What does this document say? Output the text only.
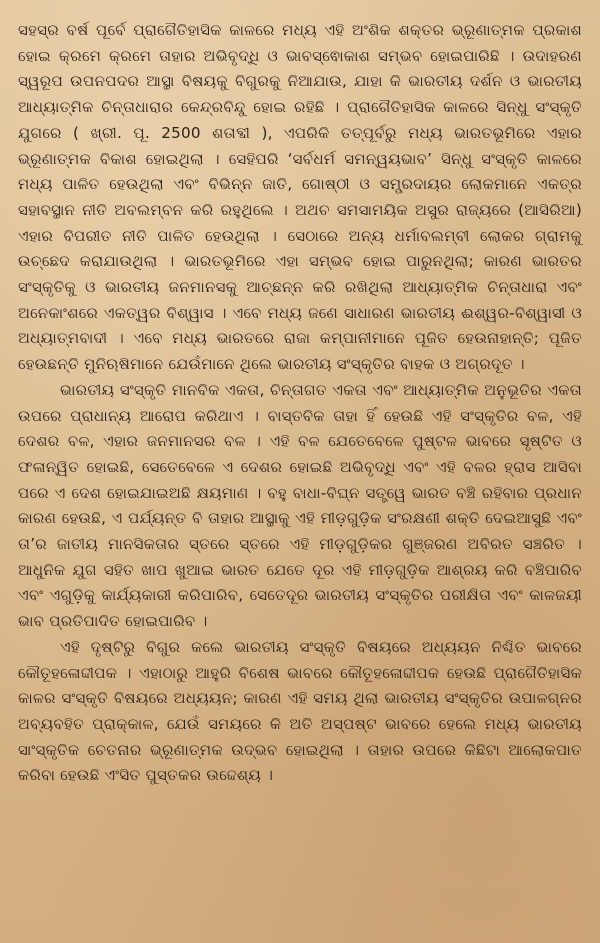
ସହସ୍ର ବର୍ଷ ପୂର୍ବେ ପ୍ରାଗୈତିହାସିକ କାଳରେ ମଧ୍ୟ ଏହି ଅଂଶିକ ଶକ୍ତର ଭ୍ରୂଣାତ୍ମକ ପ୍ରକାଶ ହୋଇ କ୍ରମେ କ୍ରମେ ତାହାର ଅଭିବୃଦ୍ଧି ଓ ଭାବସ୍ଵୋକାଶ ସମ୍ଭବ ହୋଇପାରିଛି । ଉଦାହରଣ ସ୍ୱରୂପ ଉପନପଦର ଆସ୍ଥା ବିଷୟକୁ ବିଗୁରକୁ ନିଆଯାଉ, ଯାହା କି ଭାରତୀୟ ଦର୍ଶନ ଓ ଭାରତୀୟ ଆଧ୍ୟାତ୍ମିକ ଚିନ୍ତାଧାରାର କେନ୍ଦ୍ରବିନ୍ଦୁ ହୋଇ ରହିଛି । ପ୍ରାଗୈତିହାସିକ କାଳରେ ସିନ୍ଧୁ ସଂସ୍କୃତି ଯୁଗରେ ( ଖ୍ରୀ. ପୂ. 2500 ଶତାବ୍ଦୀ ), ଏପରିକି ତତ୍ପୂର୍ବରୁ ମଧ୍ୟ ଭାରତଭୂମିରେ ଏହାର ଭ୍ରୂଣାତ୍ମକ ବିକାଶ ହୋଇଥିଲା । ସେହିପରି ‘ସର୍ବଧର୍ମ ସମନ୍ୱୟଭାବ’ ସିନ୍ଧୁ ସଂସ୍କୃତି କାଳରେ ମଧ୍ୟ ପାଳିତ ହେଉଥିଲା ଏବଂ ବିଭିନ୍ନ ଜାତି, ଗୋଷ୍ଠୀ ଓ ସମ୍ପ୍ରଦାୟର ଲୋକମାନେ ଏକତ୍ର ସହାବସ୍ଥାନ ନୀତି ଅବଲମ୍ବନ କରି ରହୁଥିଲେ । ଅଥଚ ସମସାମୟିକ ଅସୁର ରାଜ୍ୟରେ (ଆସିରିଆ) ଏହାର ବିପରୀତ ନୀତି ପାଳିତ ହେଉଥିଲା । ସେଠାରେ ଅନ୍ୟ ଧର୍ମାବଲମ୍ବୀ ଲୋକର ଗ୍ରାମକୁ ଉଚ୍ଛେଦ କରାଯାଉଥିଲା । ଭାରତଭୂମିରେ ଏହା ସମ୍ଭବ ହୋଇ ପାରୁନଥିଲା; କାରଣ ଭାରତର ସଂସ୍କୃତିକୁ ଓ ଭାରତୀୟ ଜନମାନସକୁ ଆଚ୍ଛନ୍ନ କରି ରଖିଥିଲା ଆଧ୍ୟାତ୍ମିକ ଚିନ୍ତାଧାରା ଏବଂ ଅନେକାଂଶରେ ଏକତ୍ୱର ବିଶ୍ୱାସ । ଏବେ ମଧ୍ୟ ଜଣେ ସାଧାରଣ ଭାରତୀୟ ଈଶ୍ୱର-ବିଶ୍ୱାସୀ ଓ ଅଧ୍ୟାତ୍ମବାଦୀ । ଏବେ ମଧ୍ୟ ଭାରତରେ ରାଜା କମ୍ପାନୀମାନେ ପୂଜିତ ହେଉନାହାନ୍ତି; ପୂଜିତ ହେଉଛନ୍ତି ମୁନିଋଷିମାନେ ଯେଉଁମାନେ ଥିଲେ ଭାରତୀୟ ସଂସ୍କୃତିର ବାହକ ଓ ଅଗ୍ରଦୂତ ।

ଭାରତୀୟ ସଂସ୍କୃତି ମାନବିକ ଏକତା, ଚିନ୍ତାଗତ ଏକତା ଏବଂ ଆଧ୍ୟାତ୍ମିକ ଅନୁଭୂତିର ଏକତା ଉପରେ ପ୍ରାଧାନ୍ୟ ଆରୋପ କରିଥାଏ । ବାସ୍ତବିକ ତାହା ହିଁ ହେଉଛି ଏହି ସଂସ୍କୃତିର ବଳ, ଏହି ଦେଶର ବଳ, ଏହାର ଜନମାନସର ବଳ । ଏହି ବଳ ଯେତେବେଳେ ପୁଷ୍ଟଳ ଭାବରେ ସୃଷ୍ଟିତ ଓ ଫଳାନ୍ୱିତ ହୋଇଛି, ସେତେବେଳେ ଏ ଦେଶର ହୋଇଛି ଅଭିବୃଦ୍ଧି ଏବଂ ଏହି ବଳର ହ୍ରାସ ଆସିବା ପରେ ଏ ଦେଶ ହୋଇଯାଇଅଛି କ୍ଷୟମାଣ । ବହୁ ବାଧା-ବିଘ୍ନ ସତ୍ତ୍ୱେ ଭାରତ ବଞ୍ଚି ରହିବାର ପ୍ରଧାନ କାରଣ ହେଉଛି, ଏ ପର୍ଯ୍ୟନ୍ତ ବି ତାହାର ଆସ୍ଥାକୁ ଏହି ମୀଡ଼ଗୁଡ଼ିକ ସଂରକ୍ଷଣୀ ଶକ୍ତି ଦେଇଆସୁଛି ଏବଂ ତା’ର ଜାତୀୟ ମାନସିକତାର ସ୍ତରେ ସ୍ତରେ ଏହି ମୀଡ଼ଗୁଡ଼ିକର ଗୁଞ୍ଜରଣ ଅବିରତ ସଞ୍ଚରିତ । ଆଧୁନିକ ଯୁଗ ସହିତ ଖାପ ଖୁଆଇ ଭାରତ ଯେତେ ଦୂର ଏହି ମୀଡ଼ଗୁଡ଼ିକ ଆଶ୍ରୟ କରି ବଞ୍ଚିପାରିବ ଏବଂ ଏଗୁଡ଼ିକୁ କାର୍ଯ୍ୟକାରୀ କରିପାରିବ, ସେତେଦୂର ଭାରତୀୟ ସଂସ୍କୃତିର ପରୀକ୍ଷିତା ଏବଂ କାଳଜୟୀ ଭାବ ପ୍ରତିପାଦିତ ହୋଇପାରିବ ।

ଏହି ଦୃଷ୍ଟିରୁ ବିଗୁର କଲେ ଭାରତୀୟ ସଂସ୍କୃତି ବିଷୟରେ ଅଧ୍ୟୟନ ନିଶ୍ଚିତ ଭାବରେ କୌତୂହଳୋଦ୍ଦୀପକ । ଏହାଠାରୁ ଆହୁରି ବିଶେଷ ଭାବରେ କୌତୂହଳୋଦ୍ଦୀପକ ହେଉଛି ପ୍ରାଗୈତିହାସିକ କାଳର ସଂସ୍କୃତି ବିଷୟରେ ଅଧ୍ୟୟନ; କାରଣ ଏହି ସମୟ ଥିଲା ଭାରତୀୟ ସଂସ୍କୃତିର ଉପାଳଗ୍ନର ଅବ୍ୟବହିତ ପ୍ରାକ୍କାଳ, ଯେଉଁ ସମୟରେ କି ଅତି ଅସ୍ପଷ୍ଟ ଭାବରେ ହେଲେ ମଧ୍ୟ ଭାରତୀୟ ସାଂସ୍କୃତିକ ଚେତନାର ଭ୍ରୂଣାତ୍ମକ ଉଦ୍ଭବ ହୋଇଥିଲା । ତାହାର ଉପରେ କିଛିଟା ଆଲୋକପାତ କରିବା ହେଉଛି ଏଂସିତ ପୁସ୍ତକର ଉଦ୍ଦେଶ୍ୟ ।
